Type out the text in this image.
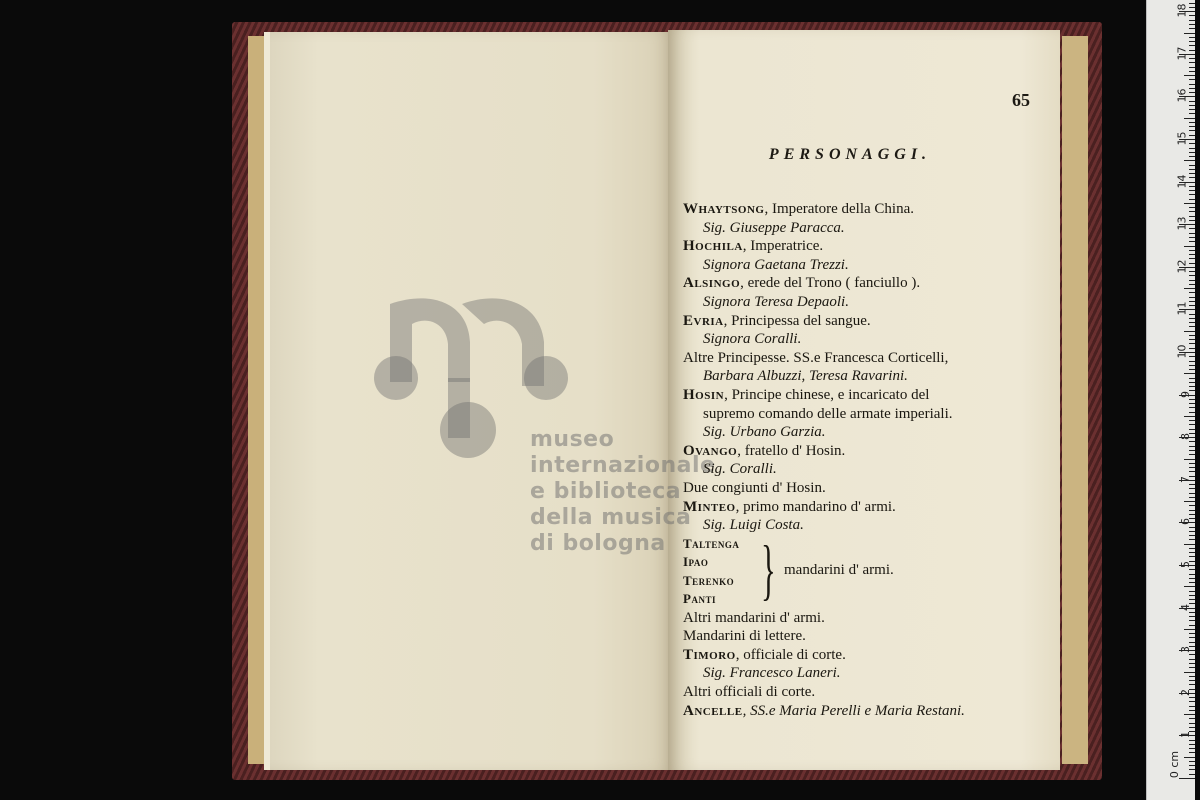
museo internazionale
e biblioteca della musica
di bologna
65
PERSONAGGI.
Whaytsong, Imperatore della China.
Sig. Giuseppe Paracca.
Hochila, Imperatrice.
Signora Gaetana Trezzi.
Alsingo, erede del Trono ( fanciullo ).
Signora Teresa Depaoli.
Evria, Principessa del sangue.
Signora Coralli.
Altre Principesse. SS.e Francesca Corticelli,
Barbara Albuzzi, Teresa Ravarini.
Hosin, Principe chinese, e incaricato del
supremo comando delle armate imperiali.
Sig. Urbano Garzia.
Ovango, fratello d' Hosin.
Sig. Coralli.
Due congiunti d' Hosin.
Minteo, primo mandarino d' armi.
Sig. Luigi Costa.
Taltenga
Ipao
Terenko
Panti } mandarini d' armi.
Altri mandarini d' armi.
Mandarini di lettere.
Timoro, officiale di corte.
Sig. Francesco Laneri.
Altri officiali di corte.
Ancelle, SS.e Maria Perelli e Maria Restani.
0 cm
1
2
3
4
5
6
7
8
9
10
11
12
13
14
15
16
17
18
